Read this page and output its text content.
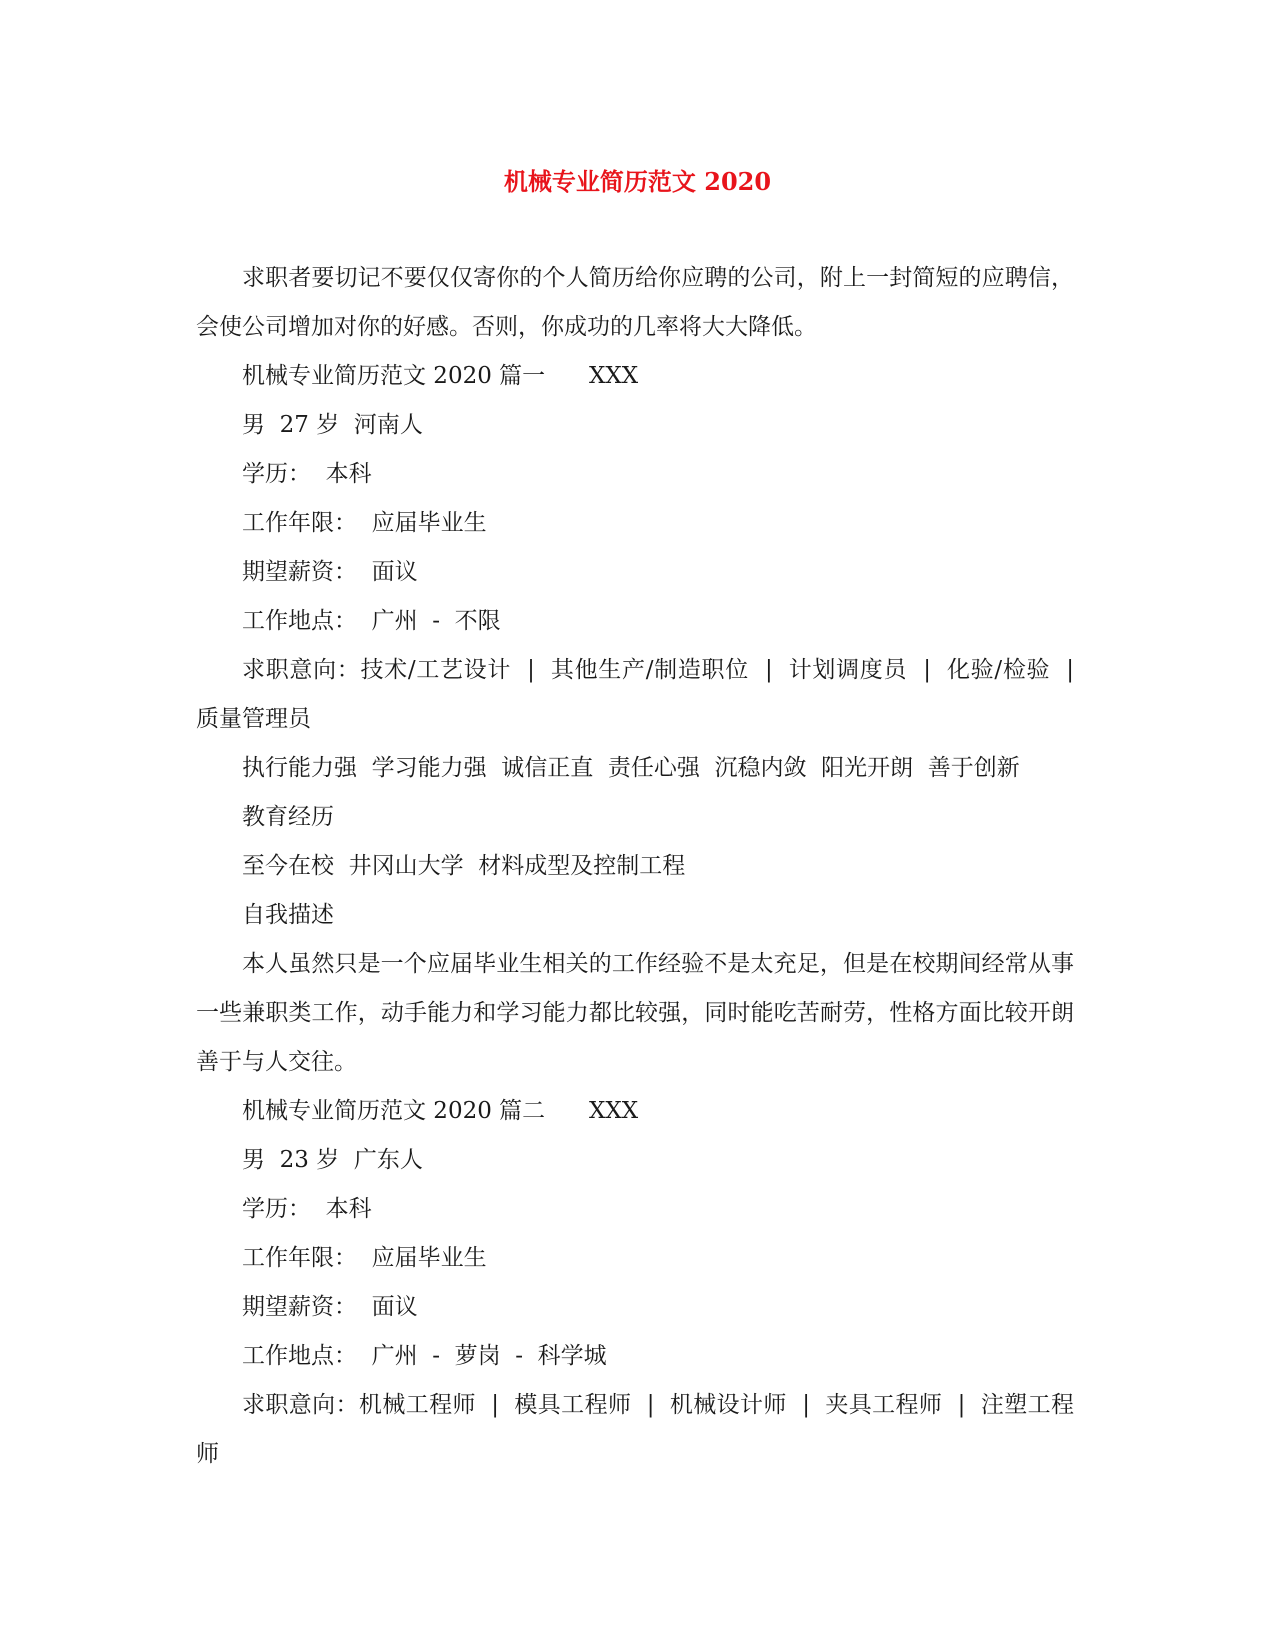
机械专业简历范文 2020

求职者要切记不要仅仅寄你的个人简历给你应聘的公司，附上一封简短的应聘信，会使公司增加对你的好感。否则，你成功的几率将大大降低。

机械专业简历范文 2020 篇一      XXX

男  27 岁  河南人

学历：  本科

工作年限：  应届毕业生

期望薪资：  面议

工作地点：  广州  -  不限

求职意向：技术/工艺设计  |  其他生产/制造职位  |  计划调度员  |  化验/检验  |  质量管理员

执行能力强  学习能力强  诚信正直  责任心强  沉稳内敛  阳光开朗  善于创新

教育经历

至今在校  井冈山大学  材料成型及控制工程

自我描述

本人虽然只是一个应届毕业生相关的工作经验不是太充足，但是在校期间经常从事一些兼职类工作，动手能力和学习能力都比较强，同时能吃苦耐劳，性格方面比较开朗善于与人交往。

机械专业简历范文 2020 篇二      XXX

男  23 岁  广东人

学历：  本科

工作年限：  应届毕业生

期望薪资：  面议

工作地点：  广州  -  萝岗  -  科学城

求职意向：机械工程师  |  模具工程师  |  机械设计师  |  夹具工程师  |  注塑工程师
